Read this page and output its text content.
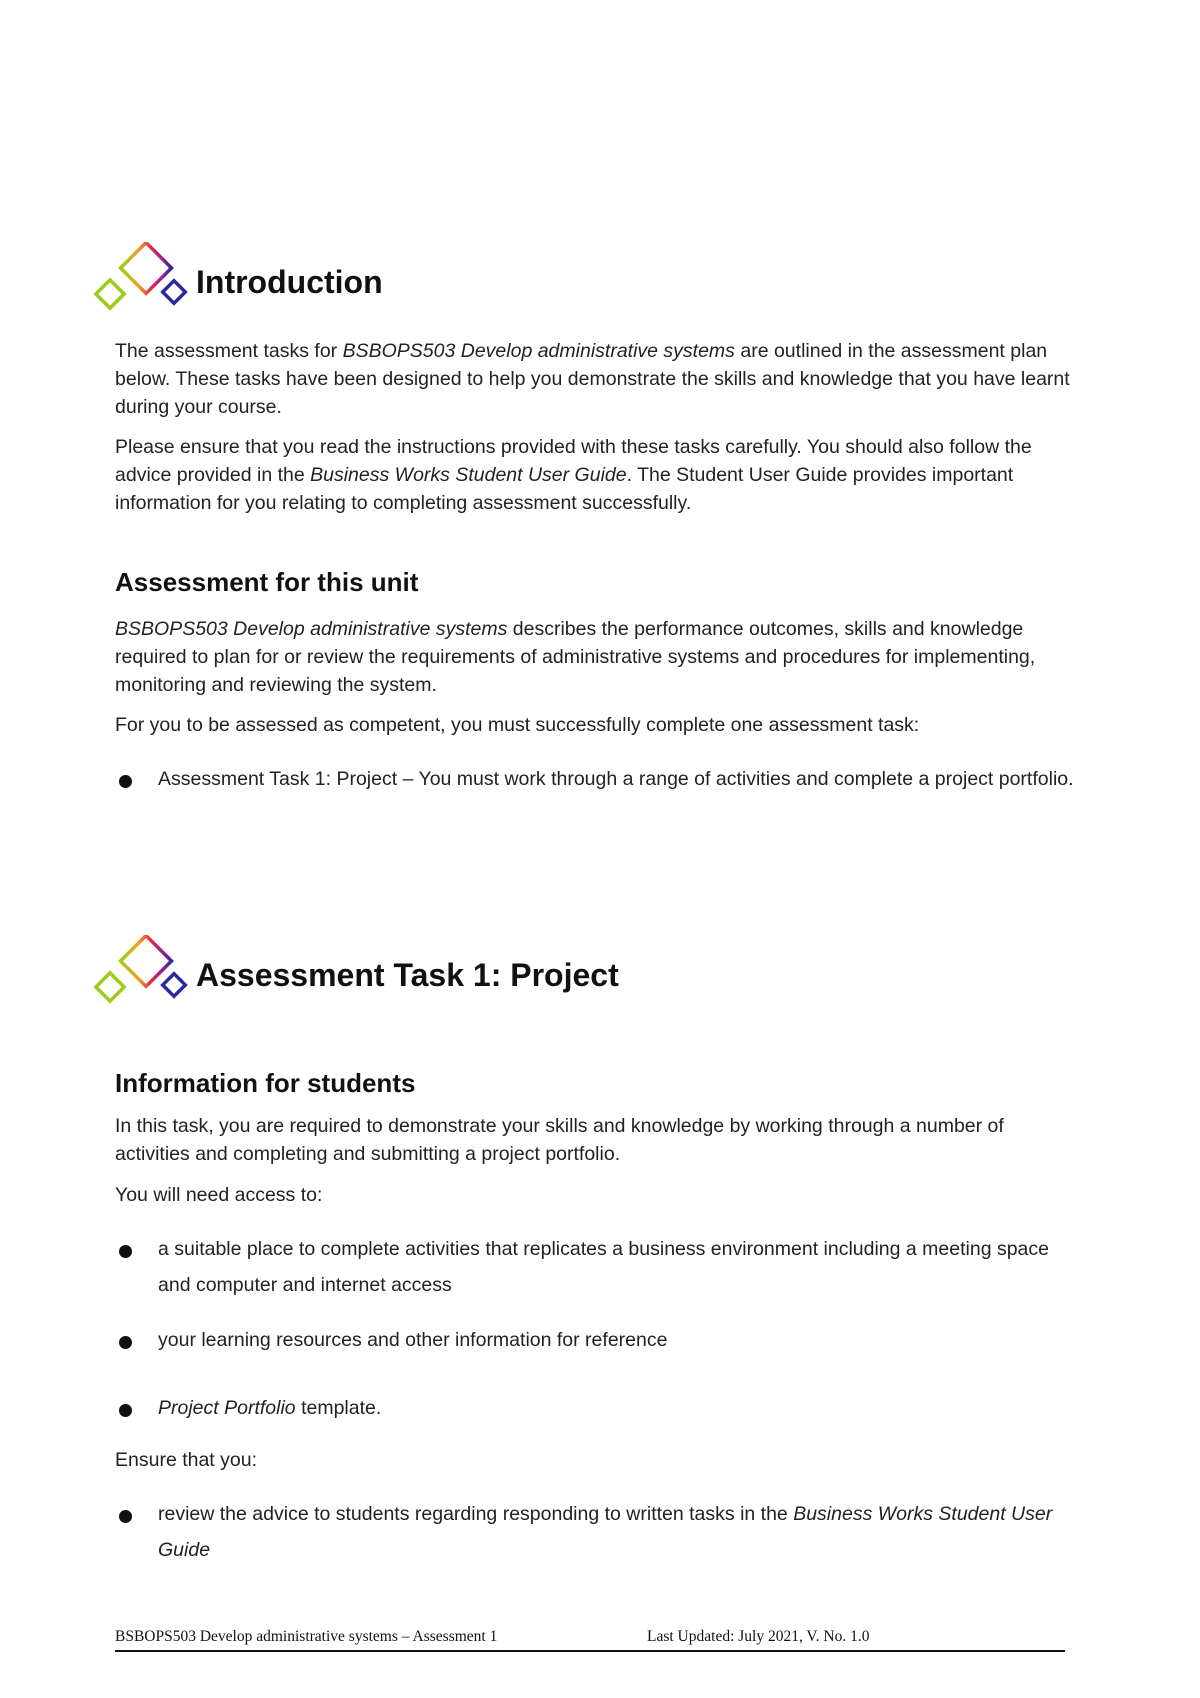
Introduction

The assessment tasks for BSBOPS503 Develop administrative systems are outlined in the assessment plan below. These tasks have been designed to help you demonstrate the skills and knowledge that you have learnt during your course.

Please ensure that you read the instructions provided with these tasks carefully. You should also follow the advice provided in the Business Works Student User Guide. The Student User Guide provides important information for you relating to completing assessment successfully.

Assessment for this unit

BSBOPS503 Develop administrative systems describes the performance outcomes, skills and knowledge required to plan for or review the requirements of administrative systems and procedures for implementing, monitoring and reviewing the system.

For you to be assessed as competent, you must successfully complete one assessment task:

Assessment Task 1: Project – You must work through a range of activities and complete a project portfolio.
Assessment Task 1: Project
Information for students

In this task, you are required to demonstrate your skills and knowledge by working through a number of activities and completing and submitting a project portfolio.

You will need access to:

a suitable place to complete activities that replicates a business environment including a meeting space and computer and internet access
your learning resources and other information for reference
Project Portfolio template.

Ensure that you:

review the advice to students regarding responding to written tasks in the Business Works Student User Guide
BSBOPS503 Develop administrative systems – Assessment 1	Last Updated: July 2021, V. No. 1.0
